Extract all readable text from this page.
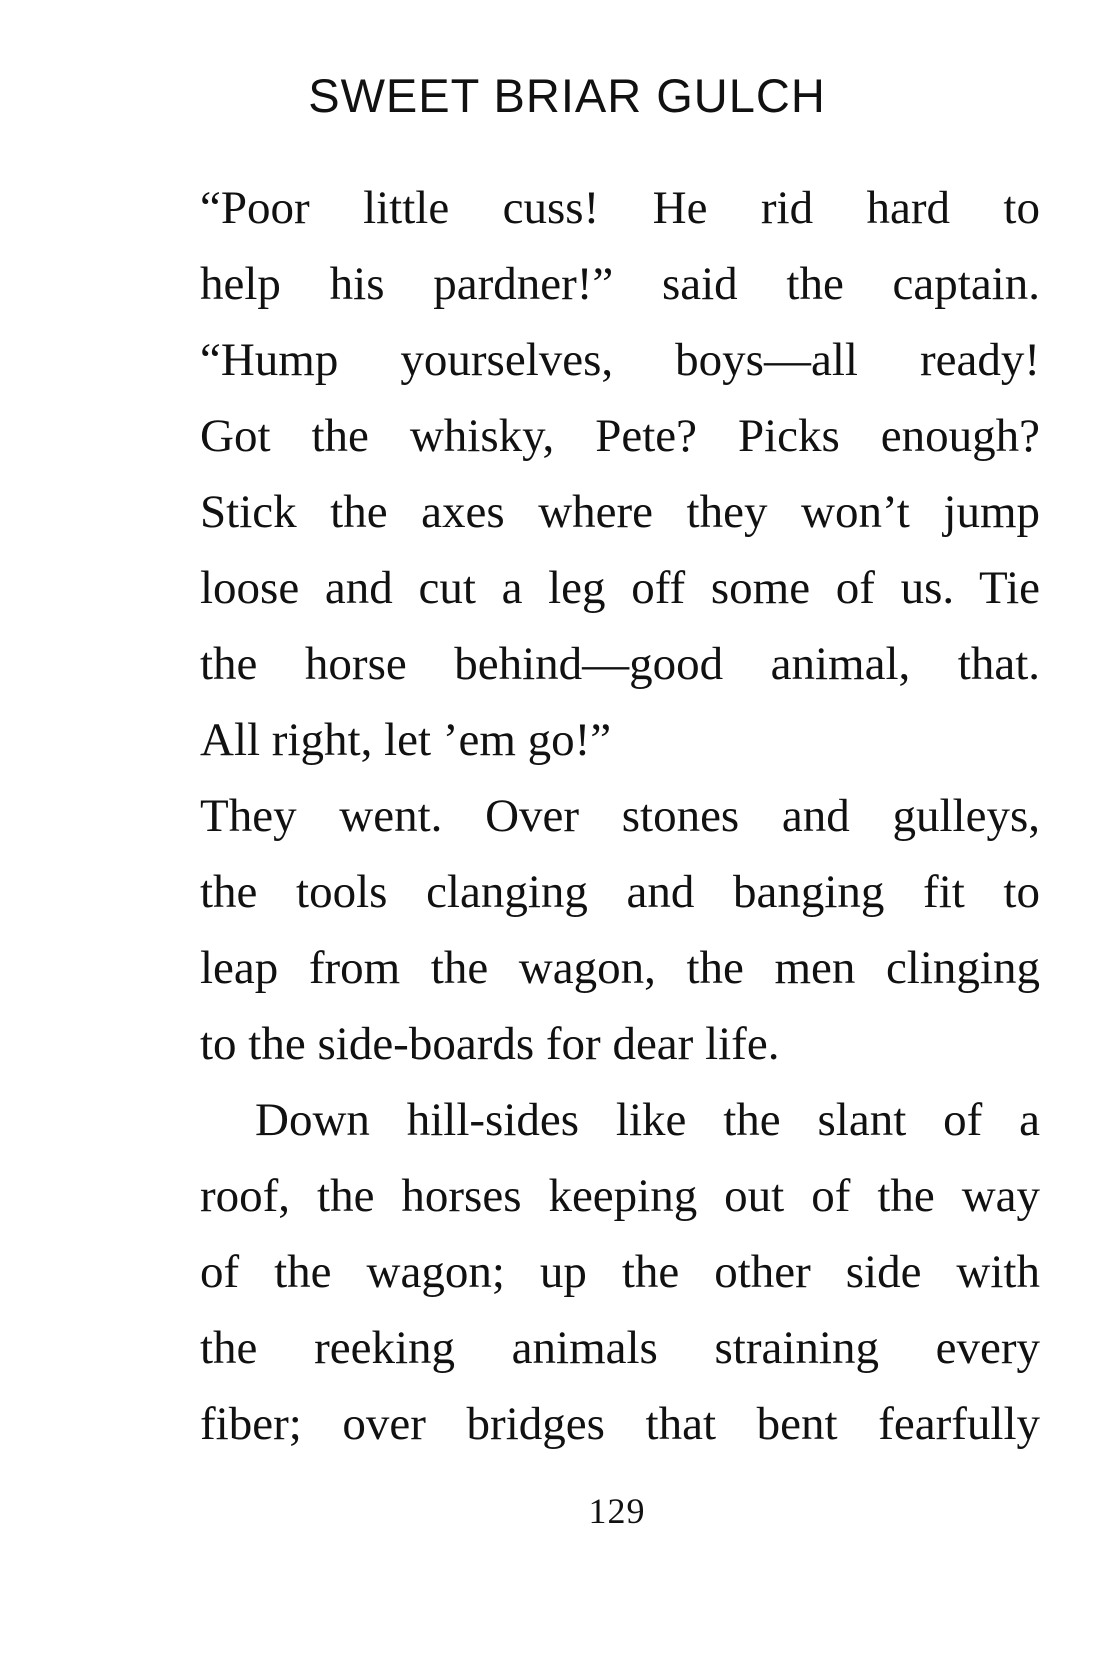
SWEET BRIAR GULCH
“Poor little cuss! He rid hard to
help his pardner!” said the captain.
“Hump yourselves, boys—all ready!
Got the whisky, Pete? Picks enough?
Stick the axes where they won’t jump
loose and cut a leg off some of us. Tie
the horse behind—good animal, that.
All right, let ’em go!”
They went. Over stones and gulleys,
the tools clanging and banging fit to
leap from the wagon, the men clinging
to the side-boards for dear life.
Down hill-sides like the slant of a
roof, the horses keeping out of the way
of the wagon; up the other side with
the reeking animals straining every
fiber; over bridges that bent fearfully
129
